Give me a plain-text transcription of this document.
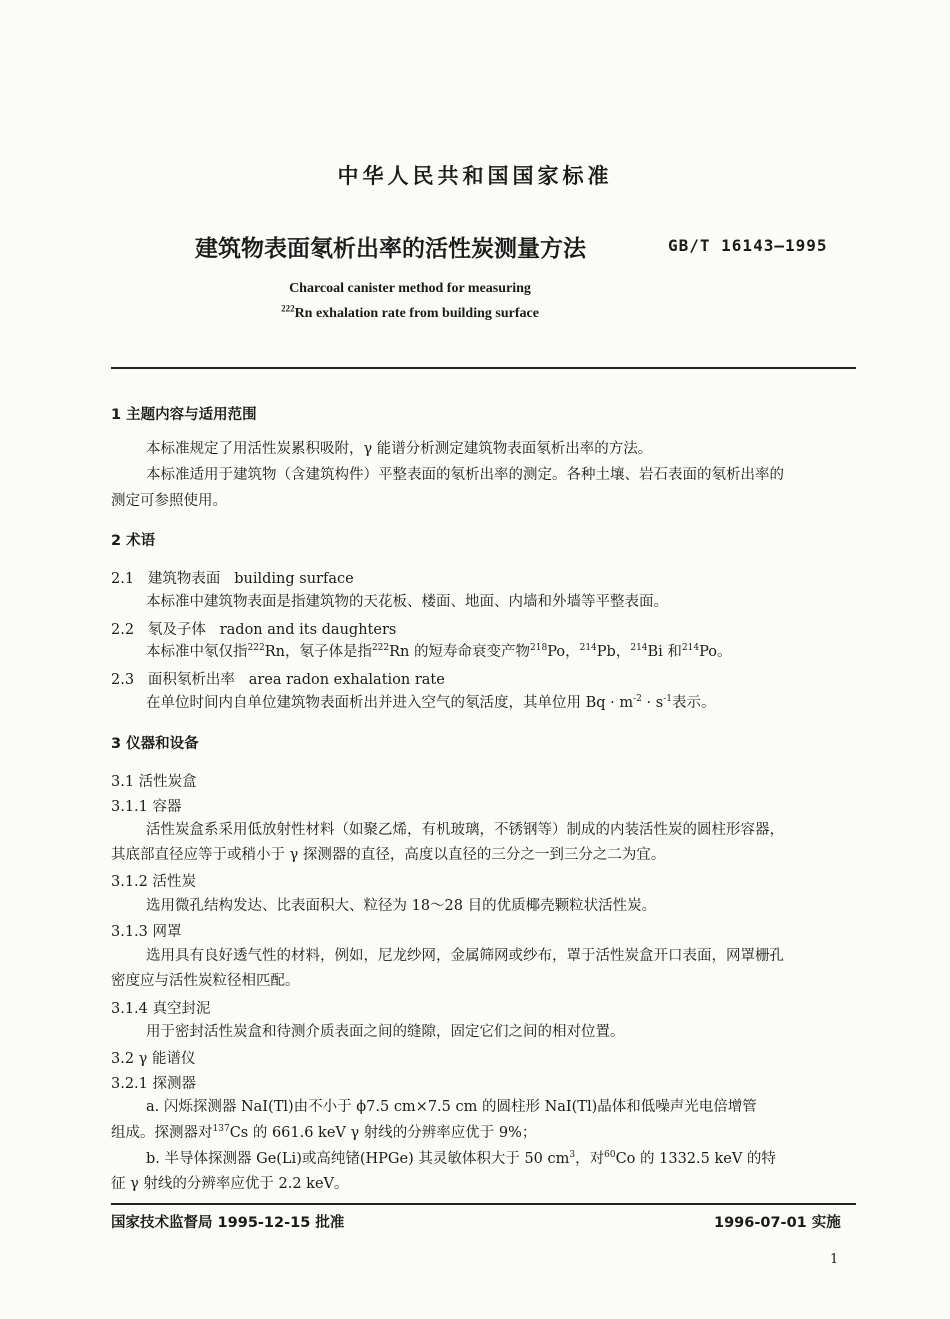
中华人民共和国国家标准
建筑物表面氡析出率的活性炭测量方法	GB/T 16143—1995
Charcoal canister method for measuring
$^{222}$Rn exhalation rate from building surface
1 主题内容与适用范围
本标准规定了用活性炭累积吸附，γ 能谱分析测定建筑物表面氡析出率的方法。
本标准适用于建筑物（含建筑构件）平整表面的氡析出率的测定。各种土壤、岩石表面的氡析出率的
测定可参照使用。
2 术语
2.1 建筑物表面 building surface
本标准中建筑物表面是指建筑物的天花板、楼面、地面、内墙和外墙等平整表面。
2.2 氡及子体 radon and its daughters
本标准中氡仅指$^{222}$Rn，氡子体是指$^{222}$Rn 的短寿命衰变产物$^{218}$Po，$^{214}$Pb，$^{214}$Bi 和$^{214}$Po。
2.3 面积氡析出率 area radon exhalation rate
在单位时间内自单位建筑物表面析出并进入空气的氡活度，其单位用 $Bq \cdot m^{-2} \cdot s^{-1}$表示。
3 仪器和设备
3.1 活性炭盒
3.1.1 容器
活性炭盒系采用低放射性材料（如聚乙烯，有机玻璃，不锈钢等）制成的内装活性炭的圆柱形容器，
其底部直径应等于或稍小于 γ 探测器的直径，高度以直径的三分之一到三分之二为宜。
3.1.2 活性炭
选用微孔结构发达、比表面积大、粒径为 18～28 目的优质椰壳颗粒状活性炭。
3.1.3 网罩
选用具有良好透气性的材料，例如，尼龙纱网，金属筛网或纱布，罩于活性炭盒开口表面，网罩栅孔
密度应与活性炭粒径相匹配。
3.1.4 真空封泥
用于密封活性炭盒和待测介质表面之间的缝隙，固定它们之间的相对位置。
3.2 γ 能谱仪
3.2.1 探测器
a. 闪烁探测器 NaI(Tl)由不小于 ϕ7.5 cm×7.5 cm 的圆柱形 NaI(Tl)晶体和低噪声光电倍增管
组成。探测器对$^{137}$Cs 的 661.6 keV γ 射线的分辨率应优于 9%；
b. 半导体探测器 Ge(Li)或高纯锗(HPGe) 其灵敏体积大于 50 $cm^3$，对$^{60}$Co 的 1332.5 keV 的特
征 γ 射线的分辨率应优于 2.2 keV。
国家技术监督局 1995-12-15 批准	1996-07-01 实施
1
